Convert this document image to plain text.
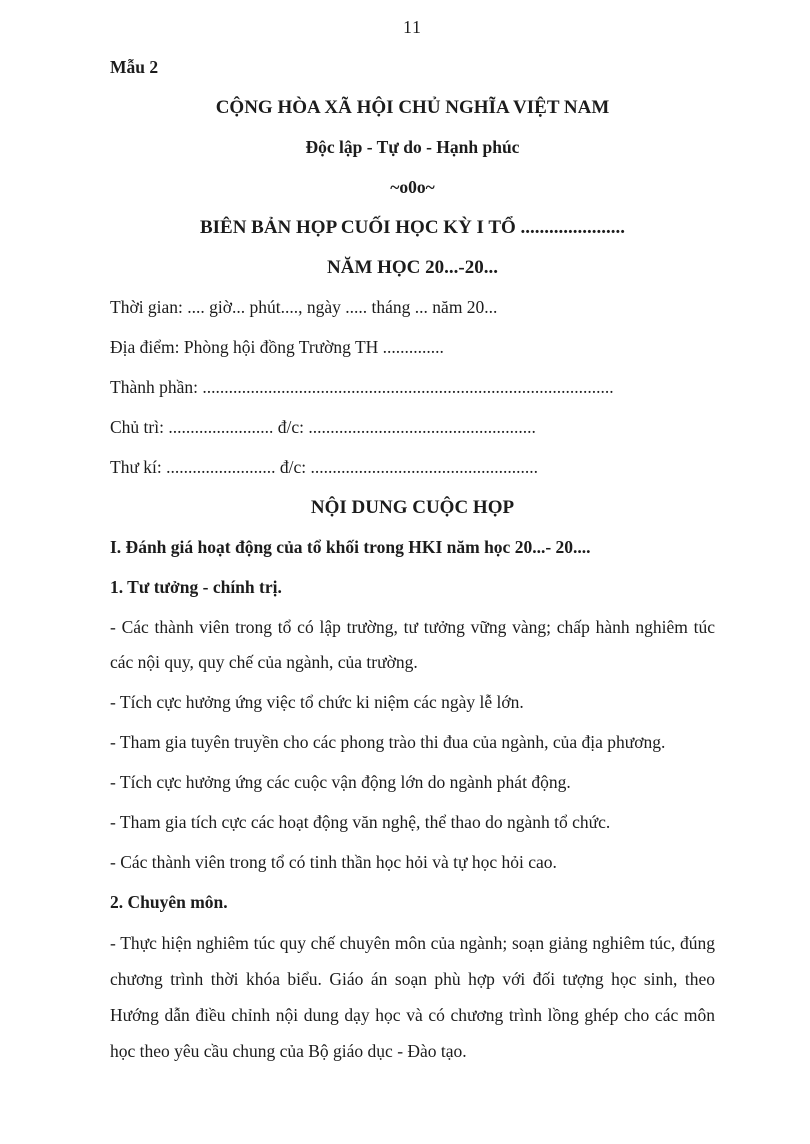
11

Mẫu 2

CỘNG HÒA XÃ HỘI CHỦ NGHĨA VIỆT NAM

Độc lập - Tự do - Hạnh phúc

~o0o~

BIÊN BẢN HỌP CUỐI HỌC KỲ I TỔ ......................

NĂM HỌC 20...-20...

Thời gian: .... giờ... phút...., ngày ..... tháng ... năm 20...

Địa điểm: Phòng hội đồng Trường TH ..............

Thành phần: ..............................................................................................

Chủ trì: ........................ đ/c: ....................................................

Thư kí: ......................... đ/c: ....................................................

NỘI DUNG CUỘC HỌP

I. Đánh giá hoạt động của tổ khối trong HKI năm học 20...- 20....

1. Tư tưởng - chính trị.

- Các thành viên trong tổ có lập trường, tư tưởng vững vàng; chấp hành nghiêm túc các nội quy, quy chế của ngành, của trường.

- Tích cực hưởng ứng việc tổ chức ki niệm các ngày lễ lớn.

- Tham gia tuyên truyền cho các phong trào thi đua của ngành, của địa phương.

- Tích cực hưởng ứng các cuộc vận động lớn do ngành phát động.

- Tham gia tích cực các hoạt động văn nghệ, thể thao do ngành tổ chức.

- Các thành viên trong tổ có tinh thần học hỏi và tự học hỏi cao.

2. Chuyên môn.

- Thực hiện nghiêm túc quy chế chuyên môn của ngành; soạn giảng nghiêm túc, đúng chương trình thời khóa biểu. Giáo án soạn phù hợp với đối tượng học sinh, theo Hướng dẫn điều chỉnh nội dung dạy học và có chương trình lồng ghép cho các môn học theo yêu cầu chung của Bộ giáo dục - Đào tạo.
